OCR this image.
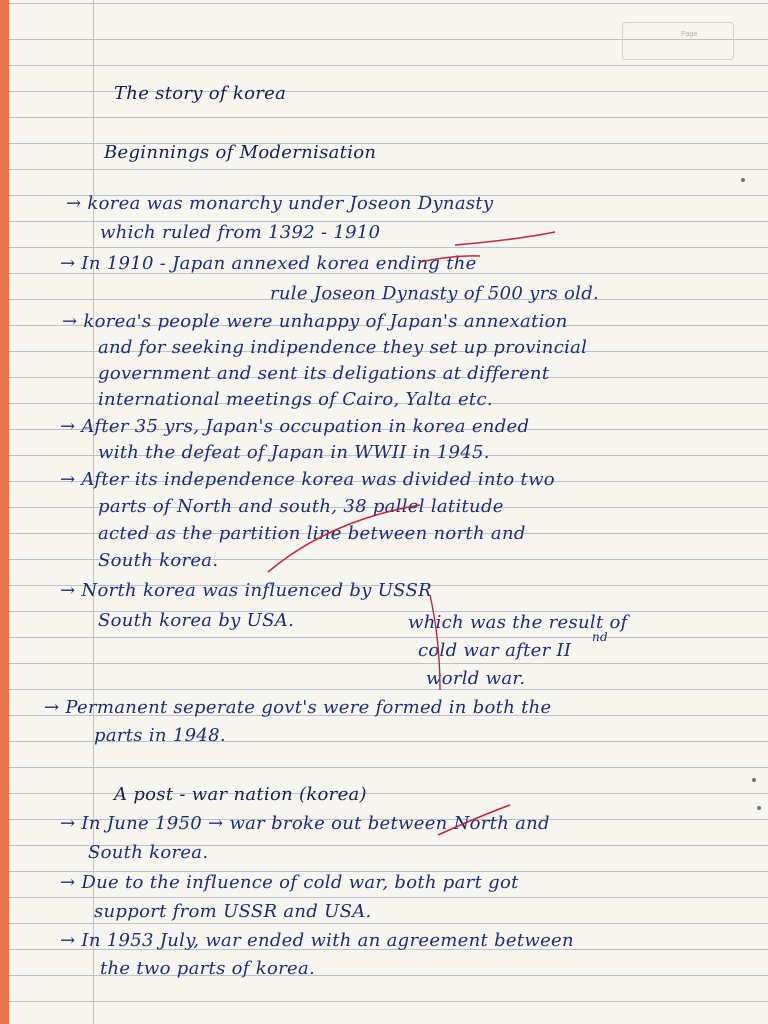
Page
The story of korea
Beginnings of Modernisation
→ korea was monarchy under Joseon Dynasty
which ruled from 1392 - 1910
→ In 1910 - Japan annexed korea ending the
rule Joseon Dynasty of 500 yrs old.
→ korea's people were unhappy of Japan's annexation
and for seeking indipendence they set up provincial
government and sent its deligations at different
international meetings of Cairo, Yalta etc.
→ After 35 yrs, Japan's occupation in korea ended
with the defeat of Japan in WWII in 1945.
→ After its independence korea was divided into two
parts of North and south, 38 pallel latitude
acted as the partition line between north and
South korea.
→ North korea was influenced by USSR
South korea by USA.	which was the result of
cold war after II
nd
world war.
→ Permanent seperate govt's were formed in both the
parts in 1948.
A post - war nation (korea)
→ In June 1950 → war broke out between North and
South korea.
→ Due to the influence of cold war, both part got
support from USSR and USA.
→ In 1953 July, war ended with an agreement between
the two parts of korea.
